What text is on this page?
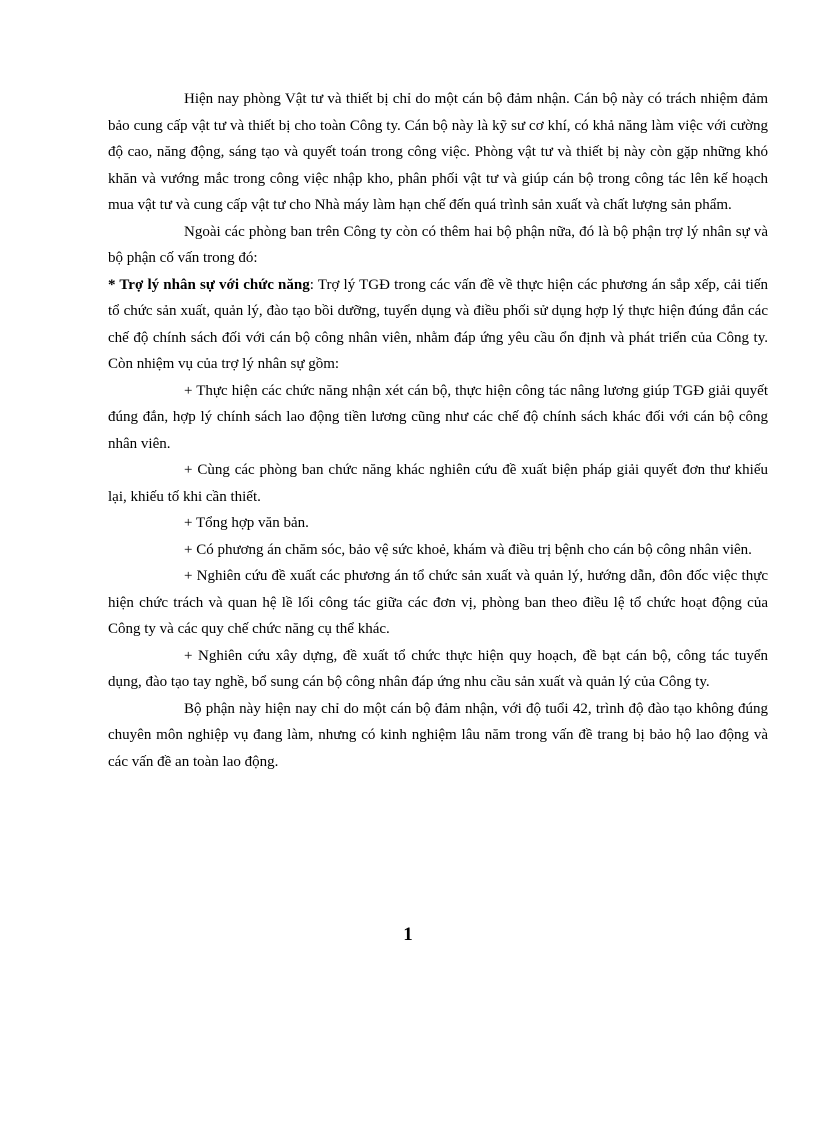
Hiện nay phòng Vật tư và thiết bị chỉ do một cán bộ đảm nhận. Cán bộ này có trách nhiệm đảm bảo cung cấp vật tư và thiết bị cho toàn Công ty. Cán bộ này là kỹ sư cơ khí, có khả năng làm việc với cường độ cao, năng động, sáng tạo và quyết toán trong công việc. Phòng vật tư và thiết bị này còn gặp những khó khăn và vướng mắc trong công việc nhập kho, phân phối vật tư và giúp cán bộ trong công tác lên kế hoạch mua vật tư và cung cấp vật tư cho Nhà máy làm hạn chế đến quá trình sản xuất và chất lượng sản phẩm.

Ngoài các phòng ban trên Công ty còn có thêm hai bộ phận nữa, đó là bộ phận trợ lý nhân sự và bộ phận cố vấn trong đó:

* Trợ lý nhân sự với chức năng: Trợ lý TGĐ trong các vấn đề về thực hiện các phương án sắp xếp, cải tiến tổ chức sản xuất, quản lý, đào tạo bồi dưỡng, tuyển dụng và điều phối sử dụng hợp lý thực hiện đúng đắn các chế độ chính sách đối với cán bộ công nhân viên, nhằm đáp ứng yêu cầu ổn định và phát triển của Công ty. Còn nhiệm vụ của trợ lý nhân sự gồm:

+ Thực hiện các chức năng nhận xét cán bộ, thực hiện công tác nâng lương giúp TGĐ giải quyết đúng đắn, hợp lý chính sách lao động tiền lương cũng như các chế độ chính sách khác đối với cán bộ công nhân viên.

+ Cùng các phòng ban chức năng khác nghiên cứu đề xuất biện pháp giải quyết đơn thư khiếu lại, khiếu tố khi cần thiết.

+ Tổng hợp văn bản.

+ Có phương án chăm sóc, bảo vệ sức khoẻ, khám và điều trị bệnh cho cán bộ công nhân viên.

+ Nghiên cứu đề xuất các phương án tổ chức sản xuất và quản lý, hướng dẫn, đôn đốc việc thực hiện chức trách và quan hệ lề lối công tác giữa các đơn vị, phòng ban theo điều lệ tổ chức hoạt động của Công ty và các quy chế chức năng cụ thể khác.

+ Nghiên cứu xây dựng, đề xuất tổ chức thực hiện quy hoạch, đề bạt cán bộ, công tác tuyển dụng, đào tạo tay nghề, bổ sung cán bộ công nhân đáp ứng nhu cầu sản xuất và quản lý của Công ty.

Bộ phận này hiện nay chỉ do một cán bộ đảm nhận, với độ tuổi 42, trình độ đào tạo không đúng chuyên môn nghiệp vụ đang làm, nhưng có kinh nghiệm lâu năm trong vấn đề trang bị bảo hộ lao động và các vấn đề an toàn lao động.

1
